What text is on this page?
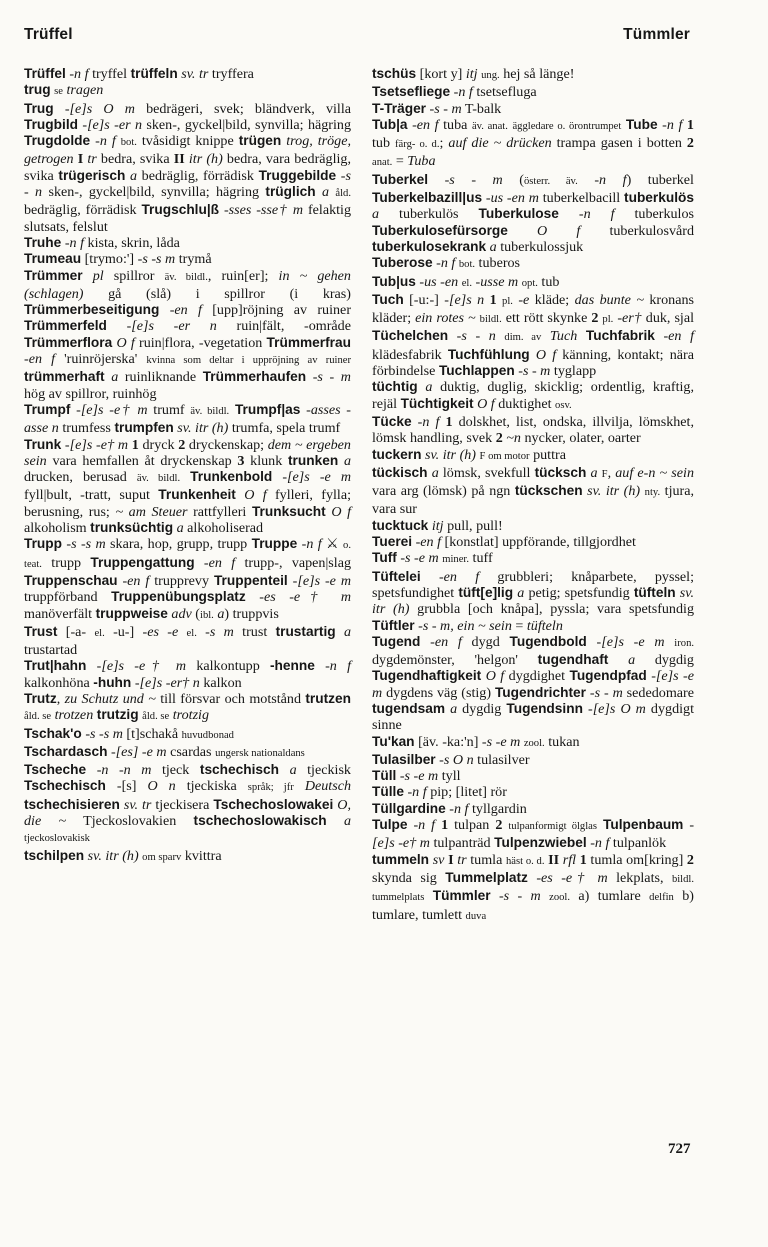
Trüffel	Tümmler

Trüffel -n f tryffel trüffeln sv. tr tryffera

trug se tragen

Trug -[e]s O m bedrägeri, svek; bländverk, villa Trugbild -[e]s -er n sken-, gyckel|bild, synvilla; hägring Trugdolde -n f bot. tvåsidigt knippe trügen trog, tröge, getrogen I tr bedra, svika II itr (h) bedra, vara bedräglig, svika trügerisch a bedräglig, förrädisk Truggebilde -s - n sken-, gyckel|bild, synvilla; hägring trüglich a åld. bedräglig, förrädisk Trugschlu|ß -sses -sse† m felaktig slutsats, felslut

Truhe -n f kista, skrin, låda

Trumeau [trymo:'] -s -s m trymå

Trümmer pl spillror äv. bildl., ruin[er]; in ~ gehen (schlagen) gå (slå) i spillror (i kras) Trümmerbeseitigung -en f [upp]röjning av ruiner Trümmerfeld -[e]s -er n ruin|fält, -område Trümmerflora O f ruin|flora, -vegetation Trümmerfrau -en f 'ruinröjerska' kvinna som deltar i uppröjning av ruiner trümmerhaft a ruinliknande Trümmerhaufen -s - m hög av spillror, ruinhög

Trumpf -[e]s -e† m trumf äv. bildl. Trumpf|as -asses -asse n trumfess trumpfen sv. itr (h) trumfa, spela trumf

Trunk -[e]s -e† m 1 dryck 2 dryckenskap; dem ~ ergeben sein vara hemfallen åt dryckenskap 3 klunk trunken a drucken, berusad äv. bildl. Trunkenbold -[e]s -e m fyll|bult, -tratt, suput Trunkenheit O f fylleri, fylla; berusning, rus; ~ am Steuer rattfylleri Trunksucht O f alkoholism trunksüchtig a alkoholiserad

Trupp -s -s m skara, hop, grupp, trupp Truppe -n f ⚔ o. teat. trupp Truppengattung -en f trupp-, vapen|slag Truppenschau -en f trupprevy Truppenteil -[e]s -e m truppförband Truppenübungsplatz -es -e† m manöverfält truppweise adv (ibl. a) truppvis

Trust [-a- el. -u-] -es -e el. -s m trust trustartig a trustartad

Trut|hahn -[e]s -e† m kalkontupp -henne -n f kalkonhöna -huhn -[e]s -er† n kalkon

Trutz, zu Schutz und ~ till försvar och motstånd trutzen åld. se trotzen trutzig åld. se trotzig

Tschak'o -s -s m [t]schakå huvudbonad

Tschardasch -[es] -e m csardas ungersk nationaldans

Tscheche -n -n m tjeck tschechisch a tjeckisk Tschechisch -[s] O n tjeckiska språk; jfr Deutsch tschechisieren sv. tr tjeckisera Tschechoslowakei O, die ~ Tjeckoslovakien tschechoslowakisch a tjeckoslovakisk

tschilpen sv. itr (h) om sparv kvittra

tschüs [kort y] itj ung. hej så länge!

Tsetsefliege -n f tsetsefluga

T-Träger -s - m T-balk

Tub|a -en f tuba äv. anat. äggledare o. örontrumpet Tube -n f 1 tub färg- o. d.; auf die ~ drücken trampa gasen i botten 2 anat. = Tuba

Tuberkel -s - m (österr. äv. -n f) tuberkel Tuberkelbazill|us -us -en m tuberkelbacill tuberkulös a tuberkulös Tuberkulose -n f tuberkulos Tuberkulosefürsorge O f tuberkulosvård tuberkulosekrank a tuberkulossjuk

Tuberose -n f bot. tuberos

Tub|us -us -en el. -usse m opt. tub

Tuch [-u:-] -[e]s n 1 pl. -e kläde; das bunte ~ kronans kläder; ein rotes ~ bildl. ett rött skynke 2 pl. -er† duk, sjal Tüchelchen -s - n dim. av Tuch Tuchfabrik -en f klädesfabrik Tuchfühlung O f känning, kontakt; nära förbindelse Tuchlappen -s - m tyglapp

tüchtig a duktig, duglig, skicklig; ordentlig, kraftig, rejäl Tüchtigkeit O f duktighet osv.

Tücke -n f 1 dolskhet, list, ondska, illvilja, lömskhet, lömsk handling, svek 2 ~n nycker, olater, oarter

tuckern sv. itr (h) F om motor puttra

tückisch a lömsk, svekfull tücksch a F, auf e-n ~ sein vara arg (lömsk) på ngn tückschen sv. itr (h) nty. tjura, vara sur

tucktuck itj pull, pull!

Tuerei -en f [konstlat] uppförande, tillgjordhet

Tuff -s -e m miner. tuff

Tüftelei -en f grubbleri; knåparbete, pyssel; spetsfundighet tüft[e]lig a petig; spetsfundig tüfteln sv. itr (h) grubbla [och knåpa], pyssla; vara spetsfundig Tüftler -s - m, ein ~ sein = tüfteln

Tugend -en f dygd Tugendbold -[e]s -e m iron. dygdemönster, 'helgon' tugendhaft a dygdig Tugendhaftigkeit O f dygdighet Tugendpfad -[e]s -e m dygdens väg (stig) Tugendrichter -s - m sededomare tugendsam a dygdig Tugendsinn -[e]s O m dygdigt sinne

Tu'kan [äv. -ka:'n] -s -e m zool. tukan

Tulasilber -s O n tulasilver

Tüll -s -e m tyll

Tülle -n f pip; [litet] rör

Tüllgardine -n f tyllgardin

Tulpe -n f 1 tulpan 2 tulpanformigt ölglas Tulpenbaum -[e]s -e† m tulpanträd Tulpenzwiebel -n f tulpanlök

tummeln sv I tr tumla häst o. d. II rfl 1 tumla om[kring] 2 skynda sig Tummelplatz -es -e† m lekplats, bildl. tummelplats Tümmler -s - m zool. a) tumlare delfin b) tumlare, tumlett duva

727
